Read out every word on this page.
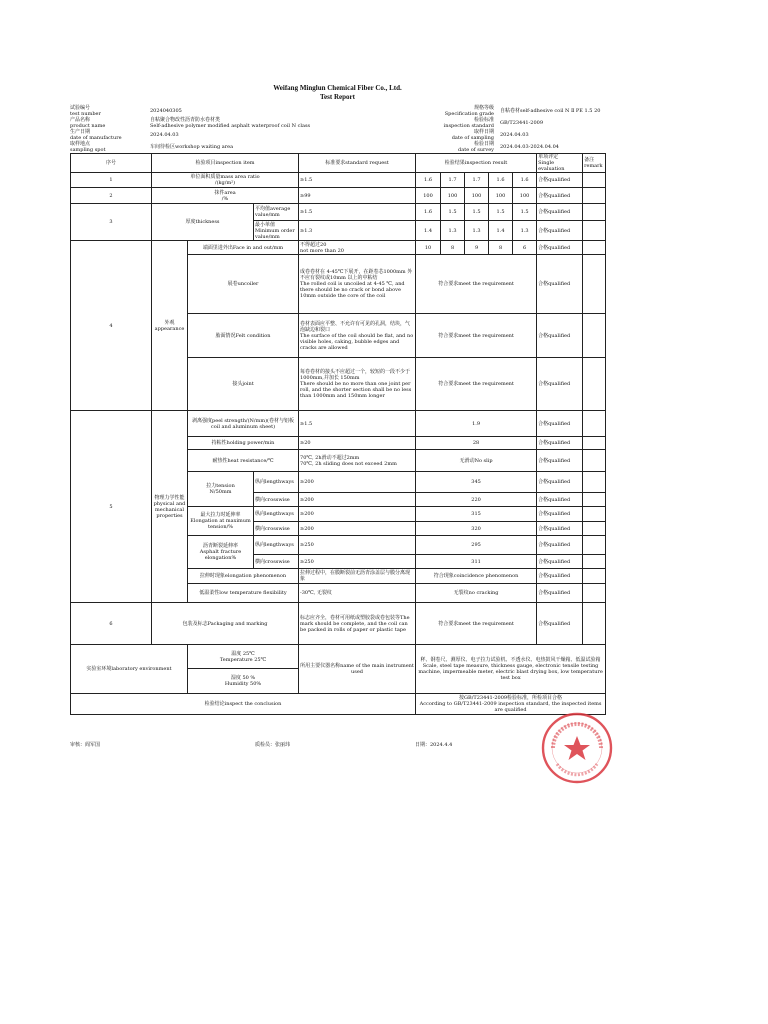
Weifang Minglun Chemical Fiber Co., Ltd.
Test Report
试验编号
test number	2024040305	规格等级
Specification grade	自粘卷材self-adhesive coil N Ⅱ PE 1.5 20
产品名称
product name
自粘聚合物改性沥青防水卷材类
Self-adhesive polymer modified asphalt waterproof coil N class
检验标准
inspection standard	GB/T23441-2009
生产日期
date of manufacture	2024.04.03	取样日期
date of sampling	2024.04.03
取样地点
sampling spot	车间待检区workshop waiting area	检验日期
date of survey	2024.04.03-2024.04.04
序号	检验项目inspection item			标准要求standard request	检验结果inspection result					单项评定
Single evaluation	备注
remark
1	单位面积质量mass area ratio
/(kg/m²)			≥1.5	1.6	1.7	1.7	1.6	1.6	合格qualified	
2	抹件area
/%			≥99	100	100	100	100	100	合格qualified	
3	厚度thickness		平均值average value/mm	≥1.5	1.6	1.5	1.5	1.5	1.5	合格qualified	
			最小单值
Minimum order value/mm	≥1.3	1.4	1.3	1.3	1.4	1.3	合格qualified	
4	外观
appearance	端面里进外出Face in and out/mm		不得超过20
not more than 20	10	8	9	8	6	合格qualified	
		展卷uncoiler		成卷卷材在 4-45℃下展开，在距卷芯1000mm 外不应有裂纹或10mm 以上的中粘结
The rolled coil is uncoiled at 4-45 ℃, and there should be no crack or bond above 10mm outside the core of the coil	符合要求meet the requirement					合格qualified	
		胎面情况Felt condition		卷材表面应平整、不允许有可见的孔洞，结块，气泡缺边和裂口
The surface of the coil should be flat, and no visible holes, caking, bubble edges and cracks are allowed	符合要求meet the requirement					合格qualified	
		接头joint		每卷卷材的接头不应超过一个，较短的一段不少于 1000mm,并加长 150mm
There should be no more than one joint per roll, and the shorter section shall be no less than 1000mm and 150mm longer	符合要求meet the requirement					合格qualified	
5	物理力学性能physical and mechanical properties	剥离强度peel strength/(N/mm)(卷材与铝板coil and aluminum sheet)		≥1.5	1.9					合格qualified	
		持粘性holding power/min		≥20	28					合格qualified	
		耐热性heat resistance/℃		70℃, 2h滑动不超过2mm
70℃, 2h sliding does not exceed 2mm	无滑动No slip					合格qualified	
		拉力tension
N/50mm	纵向lengthways	≥200	345					合格qualified	
			横向crosswise	≥200	220					合格qualified	
		最大拉力时延伸率
Elongation at maximum tension/%	纵向lengthways	≥200	315					合格qualified	
			横向crosswise	≥200	320					合格qualified	
		沥青断裂延伸率
Asphalt fracture elongation%	纵向lengthways	≥250	295					合格qualified	
			横向crosswise	≥250	311					合格qualified	
		拉伸时现象elongation phenomenon		拉伸过程中，在膜断裂前无沥青涂盖层与膜分离现象	符合现象coincidence phenomenon					合格qualified	
		低温柔性low temperature flexibility		-30℃, 无裂纹	无裂纹no cracking					合格qualified	
6	包装及标志Packaging and marking			标志应齐全，卷材可用纸或塑胶袋或卷包装等The mark should be complete, and the coil can be packed in rolls of paper or plastic tape	符合要求meet the requirement					合格qualified	
实验室环境laboratory environment		温度 25℃
Temperature 25℃		所用主要仪器名称name of the main instrument used	秤、钢卷尺、测厚仪、电子拉力试验机、不透水仪、电热鼓风干燥箱、低温试验箱
Scale, steel tape measure, thickness gauge, electronic tensile testing machine, impermeable meter, electric blast drying box, low temperature test box						
		湿度 50 %
Humidity 50%									
检验结论inspect the conclusion					按GB/T23441-2009检验标准，所检项目合格
According to GB/T23441-2009 inspection standard, the inspected items are qualified						
审核：阎军国	质检员：张丽玮	日期：2024.4.4
